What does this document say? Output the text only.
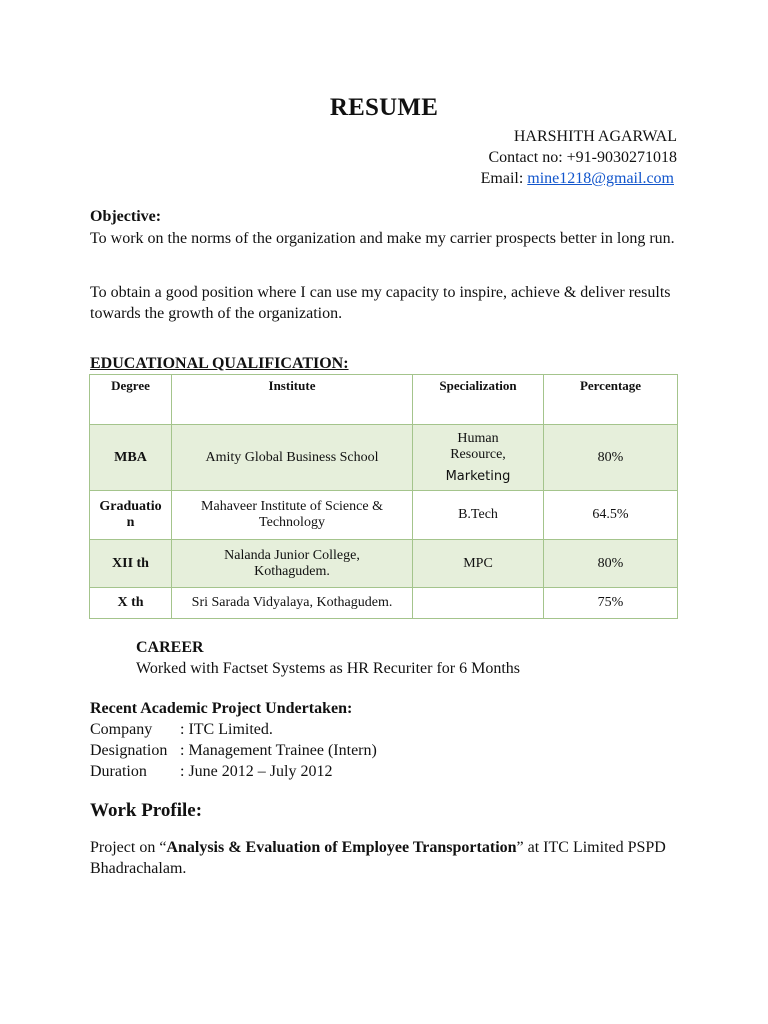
RESUME
HARSHITH AGARWAL
Contact no: +91-9030271018
Email: mine1218@gmail.com
Objective:
To work on the norms of the organization and make my carrier prospects better in long run.
To obtain a good position where I can use my capacity to inspire, achieve & deliver results towards the growth of the organization.
EDUCATIONAL QUALIFICATION:
Degree	Institute	Specialization	Percentage
MBA	Amity Global Business School	Human
Resource,
Marketing	80%
Graduatio
n	Mahaveer Institute of Science &
Technology	B.Tech	64.5%
XII th	Nalanda Junior College,
Kothagudem.	MPC	80%
X th	Sri Sarada Vidyalaya, Kothagudem.		75%
CAREER
Worked with Factset Systems as HR Recuriter for 6 Months
Recent Academic Project Undertaken:
Company : ITC Limited.
Designation : Management Trainee (Intern)
Duration : June 2012 – July 2012
Work Profile:
Project on “Analysis & Evaluation of Employee Transportation” at ITC Limited PSPD Bhadrachalam.
